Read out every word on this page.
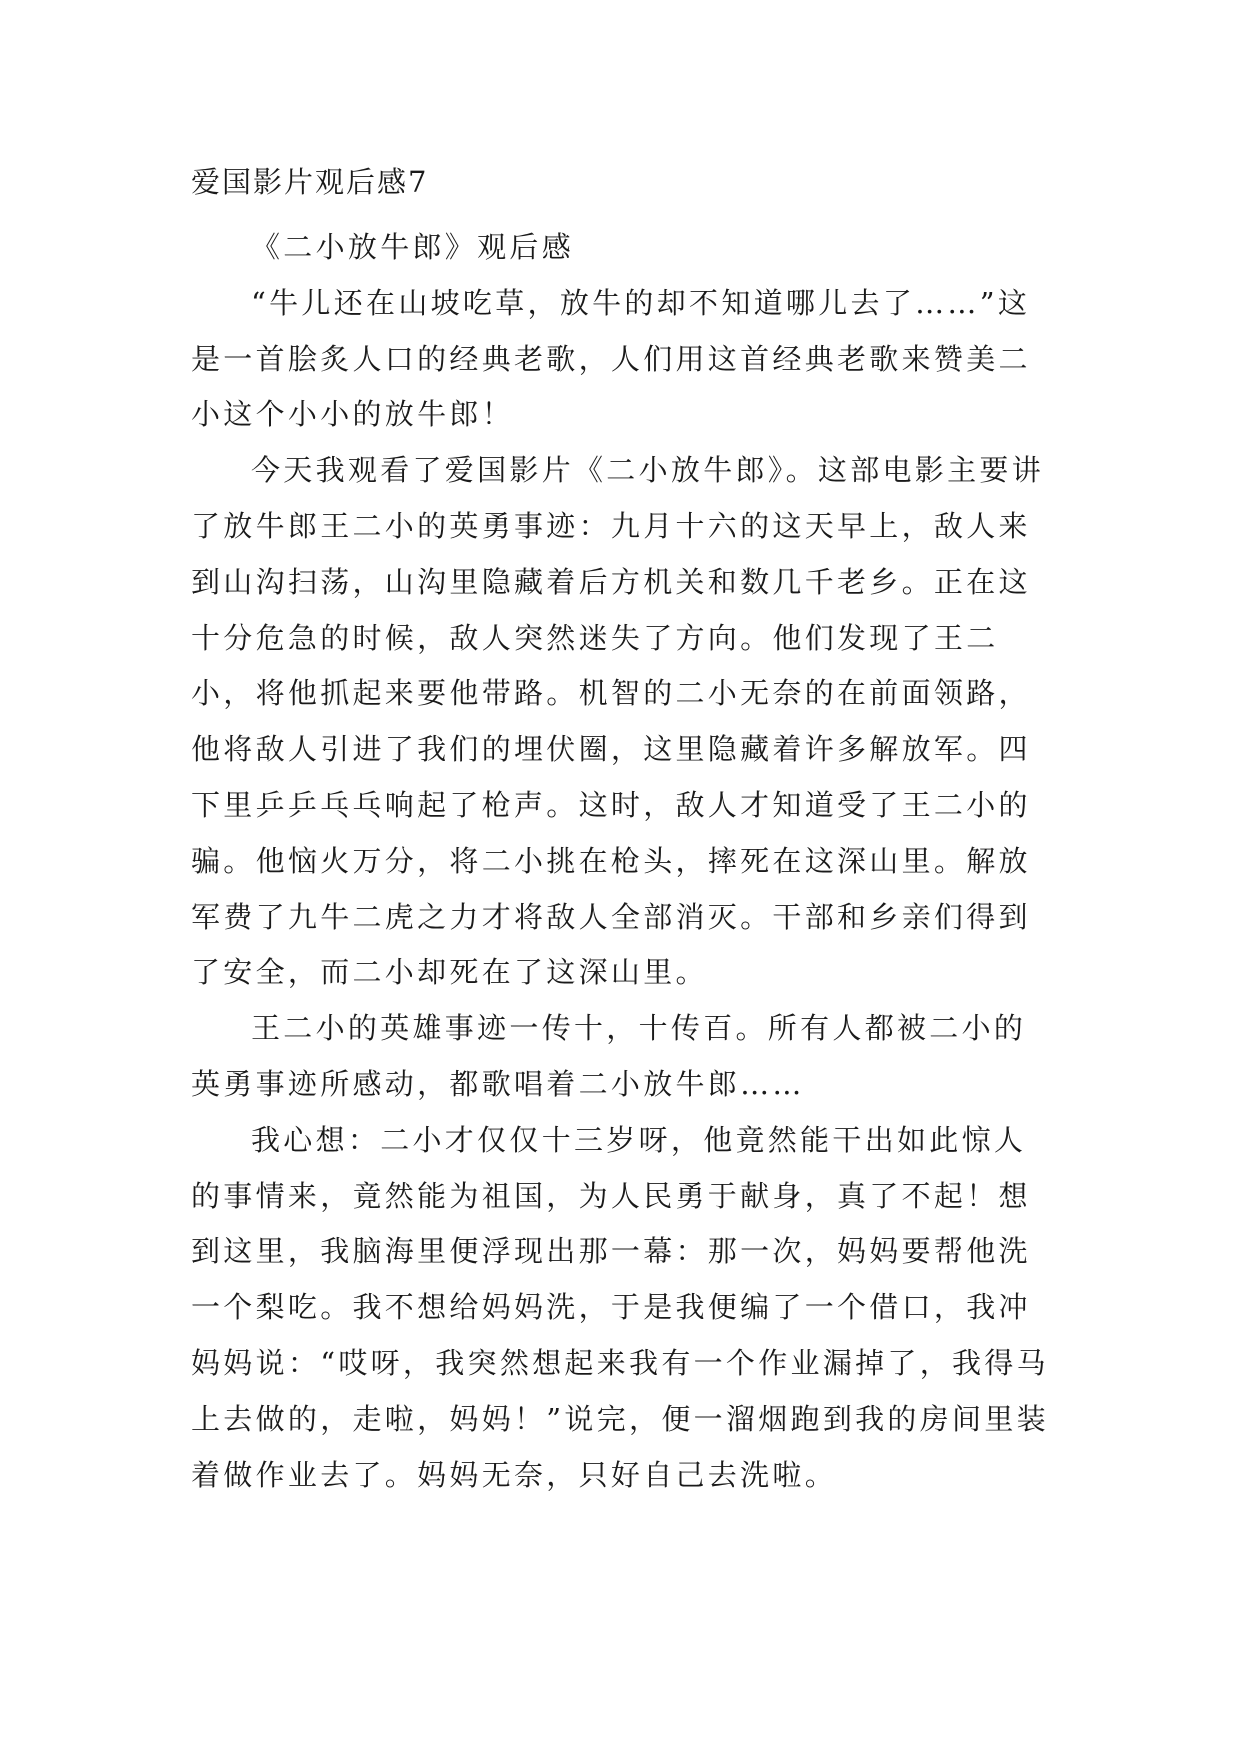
爱国影片观后感7

《二小放牛郎》观后感

“牛儿还在山坡吃草，放牛的却不知道哪儿去了……”这是一首脍炙人口的经典老歌，人们用这首经典老歌来赞美二小这个小小的放牛郎！

今天我观看了爱国影片《二小放牛郎》。这部电影主要讲了放牛郎王二小的英勇事迹：九月十六的这天早上，敌人来到山沟扫荡，山沟里隐藏着后方机关和数几千老乡。正在这十分危急的时候，敌人突然迷失了方向。他们发现了王二小，将他抓起来要他带路。机智的二小无奈的在前面领路，他将敌人引进了我们的埋伏圈，这里隐藏着许多解放军。四下里乒乒乓乓响起了枪声。这时，敌人才知道受了王二小的骗。他恼火万分，将二小挑在枪头，摔死在这深山里。解放军费了九牛二虎之力才将敌人全部消灭。干部和乡亲们得到了安全，而二小却死在了这深山里。

王二小的英雄事迹一传十，十传百。所有人都被二小的英勇事迹所感动，都歌唱着二小放牛郎……

我心想：二小才仅仅十三岁呀，他竟然能干出如此惊人的事情来，竟然能为祖国，为人民勇于献身，真了不起！想到这里，我脑海里便浮现出那一幕：那一次，妈妈要帮他洗一个梨吃。我不想给妈妈洗，于是我便编了一个借口，我冲妈妈说：“哎呀，我突然想起来我有一个作业漏掉了，我得马上去做的，走啦，妈妈！”说完，便一溜烟跑到我的房间里装着做作业去了。妈妈无奈，只好自己去洗啦。
